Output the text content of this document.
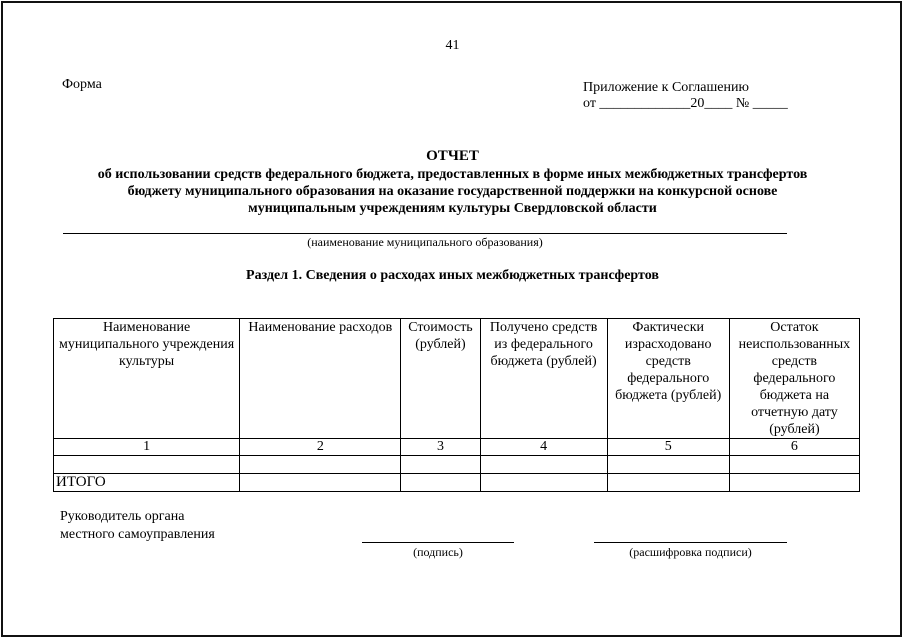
41
Форма	Приложение к Соглашению
от _____________20____ № _____
ОТЧЕТ
об использовании средств федерального бюджета, предоставленных в форме иных межбюджетных трансфертов
бюджету муниципального образования на оказание государственной поддержки на конкурсной основе
муниципальным учреждениям культуры Свердловской области
(наименование муниципального образования)
Раздел 1. Сведения о расходах иных межбюджетных трансфертов
Наименование муниципального учреждения культуры	Наименование расходов	Стоимость (рублей)	Получено средств из федерального бюджета (рублей)	Фактически израсходовано средств федерального бюджета (рублей)	Остаток неиспользованных средств федерального бюджета на отчетную дату (рублей)
1	2	3	4	5	6

ИТОГО					
Руководитель органа
местного самоуправления
(подпись)	(расшифровка подписи)
